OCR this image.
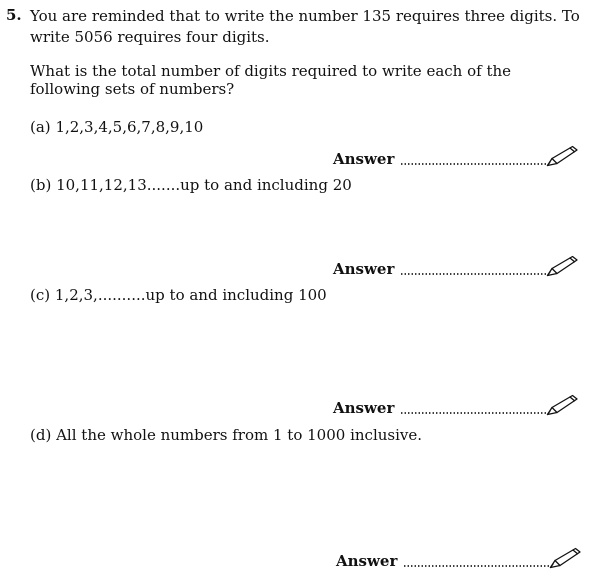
5. You are reminded that to write the number 135 requires three digits. To
write 5056 requires four digits.
What is the total number of digits required to write each of the
following sets of numbers?
(a) 1,2,3,4,5,6,7,8,9,10
Answer
(b) 10,11,12,13.......up to and including 20
Answer
(c) 1,2,3,..........up to and including 100
Answer
(d) All the whole numbers from 1 to 1000 inclusive.
Answer
